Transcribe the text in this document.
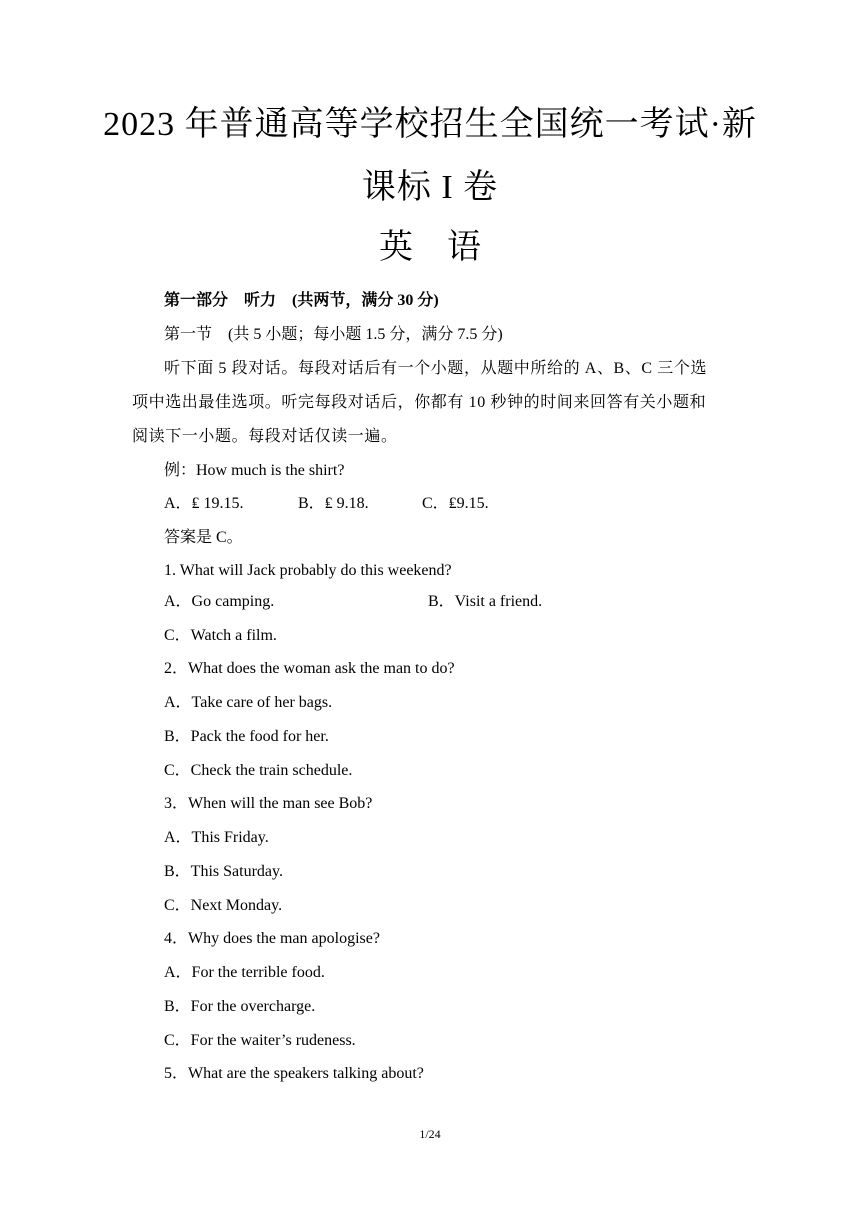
2023 年普通高等学校招生全国统一考试·新
课标 I 卷
英 语
第一部分　听力　(共两节，满分 30 分)
第一节　(共 5 小题；每小题 1.5 分，满分 7.5 分)
听下面 5 段对话。每段对话后有一个小题，从题中所给的 A、B、C 三个选
项中选出最佳选项。听完每段对话后，你都有 10 秒钟的时间来回答有关小题和
阅读下一小题。每段对话仅读一遍。
例：How much is the shirt?
A．₤ 19.15.	B．₤ 9.18.	C．₤9.15.
答案是 C。
1. What will Jack probably do this weekend?
A．Go camping.	B．Visit a friend.
C．Watch a film.
2．What does the woman ask the man to do?
A．Take care of her bags.
B．Pack the food for her.
C．Check the train schedule.
3．When will the man see Bob?
A．This Friday.
B．This Saturday.
C．Next Monday.
4．Why does the man apologise?
A．For the terrible food.
B．For the overcharge.
C．For the waiter’s rudeness.
5．What are the speakers talking about?
1/24
